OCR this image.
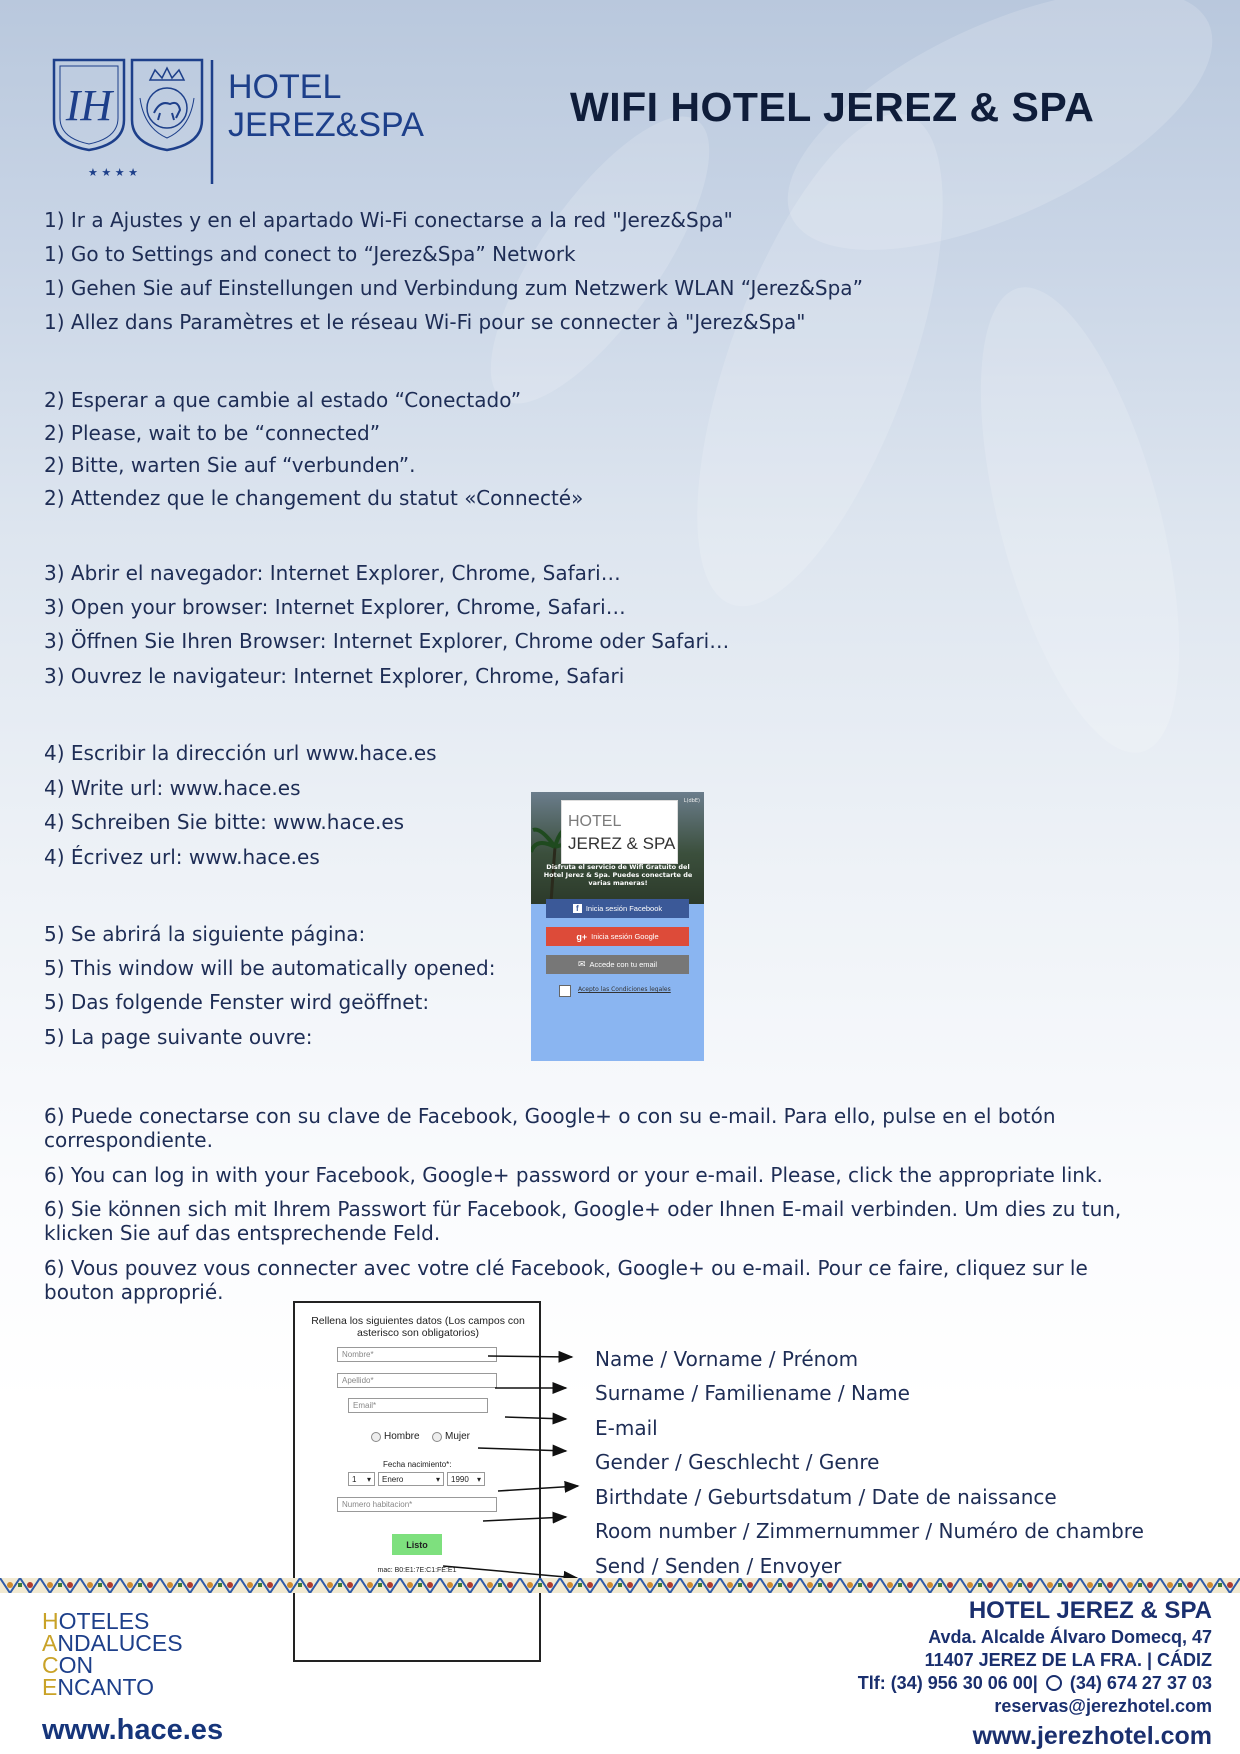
IH
★ ★ ★ ★
HOTEL
JEREZ&SPA	WIFI HOTEL JEREZ & SPA
1) Ir a Ajustes y en el apartado Wi-Fi conectarse a la red "Jerez&Spa"
1) Go to Settings and conect to “Jerez&Spa” Network
1) Gehen Sie auf Einstellungen und Verbindung zum Netzwerk WLAN “Jerez&Spa”
1) Allez dans Paramètres et le réseau Wi-Fi pour se connecter à "Jerez&Spa"
2) Esperar a que cambie al estado “Conectado”
2) Please, wait to be “connected”
2) Bitte, warten Sie auf “verbunden”.
2) Attendez que le changement du statut «Connecté»
3) Abrir el navegador: Internet Explorer, Chrome, Safari…
3) Open your browser: Internet Explorer, Chrome, Safari…
3) Öffnen Sie Ihren Browser: Internet Explorer, Chrome oder Safari…
3) Ouvrez le navigateur: Internet Explorer, Chrome, Safari
4) Escribir la dirección url www.hace.es
4) Write url: www.hace.es
4) Schreiben Sie bitte: www.hace.es
4) Écrivez url: www.hace.es
5) Se abrirá la siguiente página:
5) This window will be automatically opened:
5) Das folgende Fenster wird geöffnet:
5) La page suivante ouvre:
L(dbE)
HOTEL
JEREZ & SPA
Disfruta el servicio de Wifi Gratuito del Hotel Jerez & Spa. Puedes conectarte de varias maneras!
f Inicia sesión Facebook
g+ Inicia sesión Google
✉ Accede con tu email
Acepto las Condiciones legales
6) Puede conectarse con su clave de Facebook, Google+ o con su e-mail. Para ello, pulse en el botón correspondiente.
6) You can log in with your Facebook, Google+ password or your e-mail. Please, click the appropriate link.
6) Sie können sich mit Ihrem Passwort für Facebook, Google+ oder Ihnen E-mail verbinden. Um dies zu tun, klicken Sie auf das entsprechende Feld.
6) Vous pouvez vous connecter avec votre clé Facebook, Google+ ou e-mail. Pour ce faire, cliquez sur le bouton approprié.
Rellena los siguientes datos (Los campos con asterisco son obligatorios)
Nombre*
Apellido*
Email*
Hombre	Mujer
Fecha nacimiento*:
1 ▾ Enero	▾ 1990 ▾
Numero habitacion*
Listo
mac: B0:E1:7E:C1:FE:E1
Name / Vorname / Prénom
Surname / Familiename / Name
E-mail
Gender / Geschlecht / Genre
Birthdate / Geburtsdatum / Date de naissance
Room number / Zimmernummer / Numéro de chambre
Send / Senden / Envoyer
HOTELES
ANDALUCES
CON
ENCANTO
www.hace.es
HOTEL JEREZ & SPA
Avda. Alcalde Álvaro Domecq, 47
11407 JEREZ DE LA FRA. | CÁDIZ
Tlf: (34) 956 30 06 00| (34) 674 27 37 03
reservas@jerezhotel.com
www.jerezhotel.com
